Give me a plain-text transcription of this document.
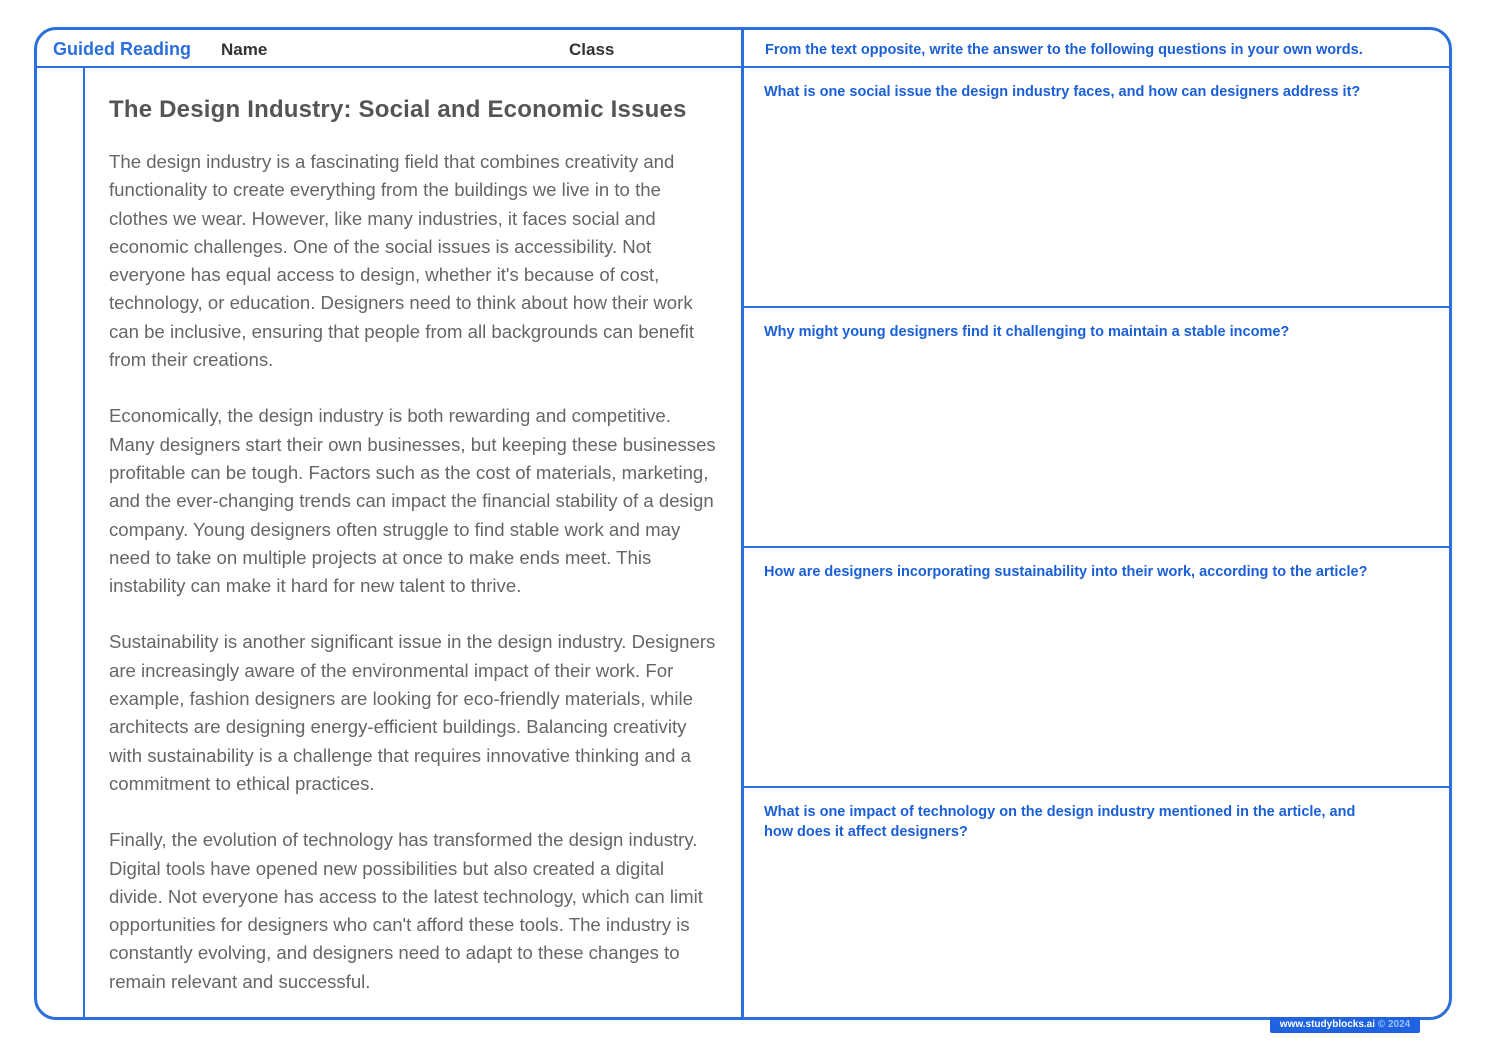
Guided Reading Name	Class
The Design Industry: Social and Economic Issues

The design industry is a fascinating field that combines creativity and functionality to create everything from the buildings we live in to the clothes we wear. However, like many industries, it faces social and economic challenges. One of the social issues is accessibility. Not everyone has equal access to design, whether it's because of cost, technology, or education. Designers need to think about how their work can be inclusive, ensuring that people from all backgrounds can benefit from their creations.

Economically, the design industry is both rewarding and competitive. Many designers start their own businesses, but keeping these businesses profitable can be tough. Factors such as the cost of materials, marketing, and the ever-changing trends can impact the financial stability of a design company. Young designers often struggle to find stable work and may need to take on multiple projects at once to make ends meet. This instability can make it hard for new talent to thrive.

Sustainability is another significant issue in the design industry. Designers are increasingly aware of the environmental impact of their work. For example, fashion designers are looking for eco-friendly materials, while architects are designing energy-efficient buildings. Balancing creativity with sustainability is a challenge that requires innovative thinking and a commitment to ethical practices.

Finally, the evolution of technology has transformed the design industry. Digital tools have opened new possibilities but also created a digital divide. Not everyone has access to the latest technology, which can limit opportunities for designers who can't afford these tools. The industry is constantly evolving, and designers need to adapt to these changes to remain relevant and successful.

From the text opposite, write the answer to the following questions in your own words.
What is one social issue the design industry faces, and how can designers address it?
Why might young designers find it challenging to maintain a stable income?
How are designers incorporating sustainability into their work, according to the article?
What is one impact of technology on the design industry mentioned in the article, and how does it affect designers?
www.studyblocks.ai © 2024
